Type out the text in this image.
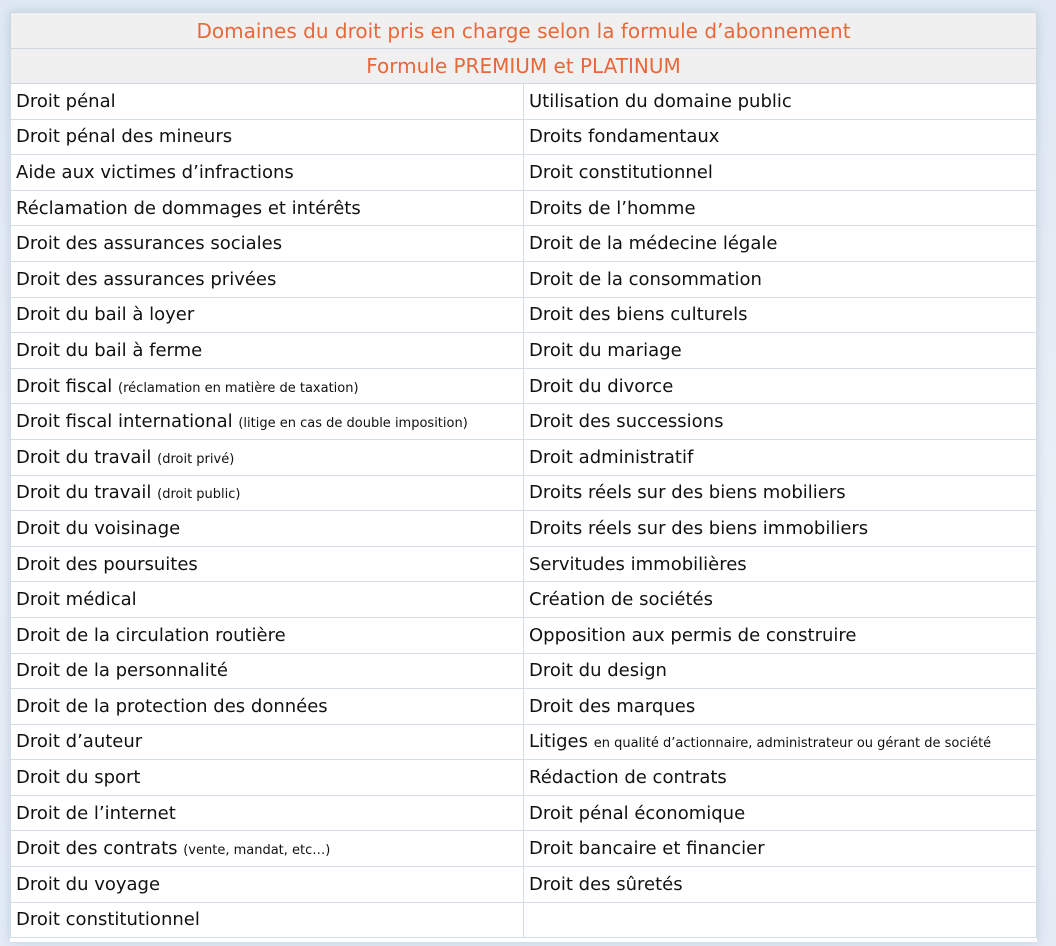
Domaines du droit pris en charge selon la formule d’abonnement	
Formule PREMIUM et PLATINUM	
Droit pénal	Utilisation du domaine public
Droit pénal des mineurs	Droits fondamentaux
Aide aux victimes d’infractions	Droit constitutionnel
Réclamation de dommages et intérêts	Droits de l’homme
Droit des assurances sociales	Droit de la médecine légale
Droit des assurances privées	Droit de la consommation
Droit du bail à loyer	Droit des biens culturels
Droit du bail à ferme	Droit du mariage
Droit fiscal (réclamation en matière de taxation)	Droit du divorce
Droit fiscal international (litige en cas de double imposition)	Droit des successions
Droit du travail (droit privé)	Droit administratif
Droit du travail (droit public)	Droits réels sur des biens mobiliers
Droit du voisinage	Droits réels sur des biens immobiliers
Droit des poursuites	Servitudes immobilières
Droit médical	Création de sociétés
Droit de la circulation routière	Opposition aux permis de construire
Droit de la personnalité	Droit du design
Droit de la protection des données	Droit des marques
Droit d’auteur	Litiges en qualité d’actionnaire, administrateur ou gérant de société
Droit du sport	Rédaction de contrats
Droit de l’internet	Droit pénal économique
Droit des contrats (vente, mandat, etc…)	Droit bancaire et financier
Droit du voyage	Droit des sûretés
Droit constitutionnel	
